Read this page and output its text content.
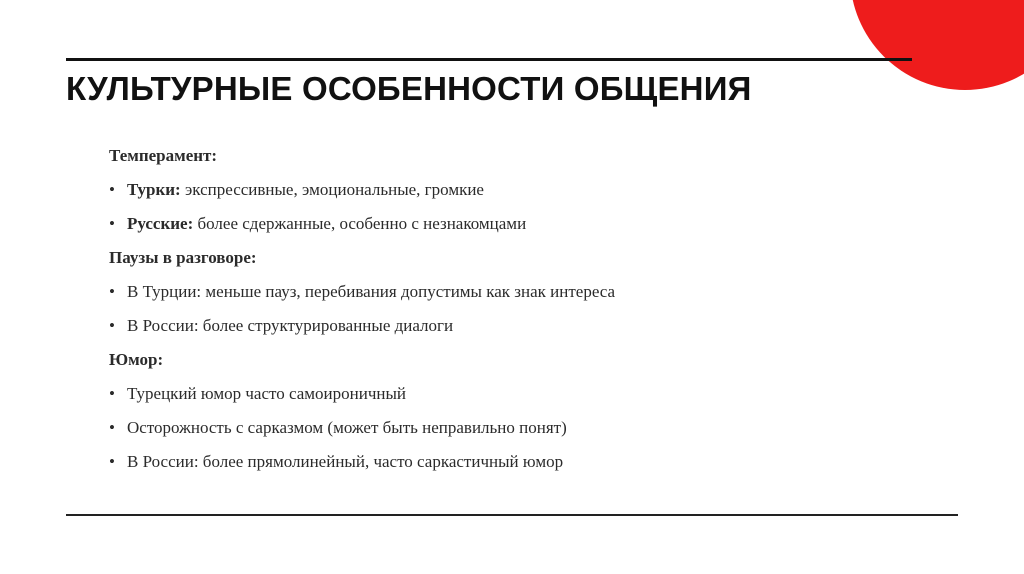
КУЛЬТУРНЫЕ ОСОБЕННОСТИ ОБЩЕНИЯ
Темперамент:
• Турки: экспрессивные, эмоциональные, громкие
• Русские: более сдержанные, особенно с незнакомцами
Паузы в разговоре:
• В Турции: меньше пауз, перебивания допустимы как знак интереса
• В России: более структурированные диалоги
Юмор:
• Турецкий юмор часто самоироничный
• Осторожность с сарказмом (может быть неправильно понят)
• В России: более прямолинейный, часто саркастичный юмор
